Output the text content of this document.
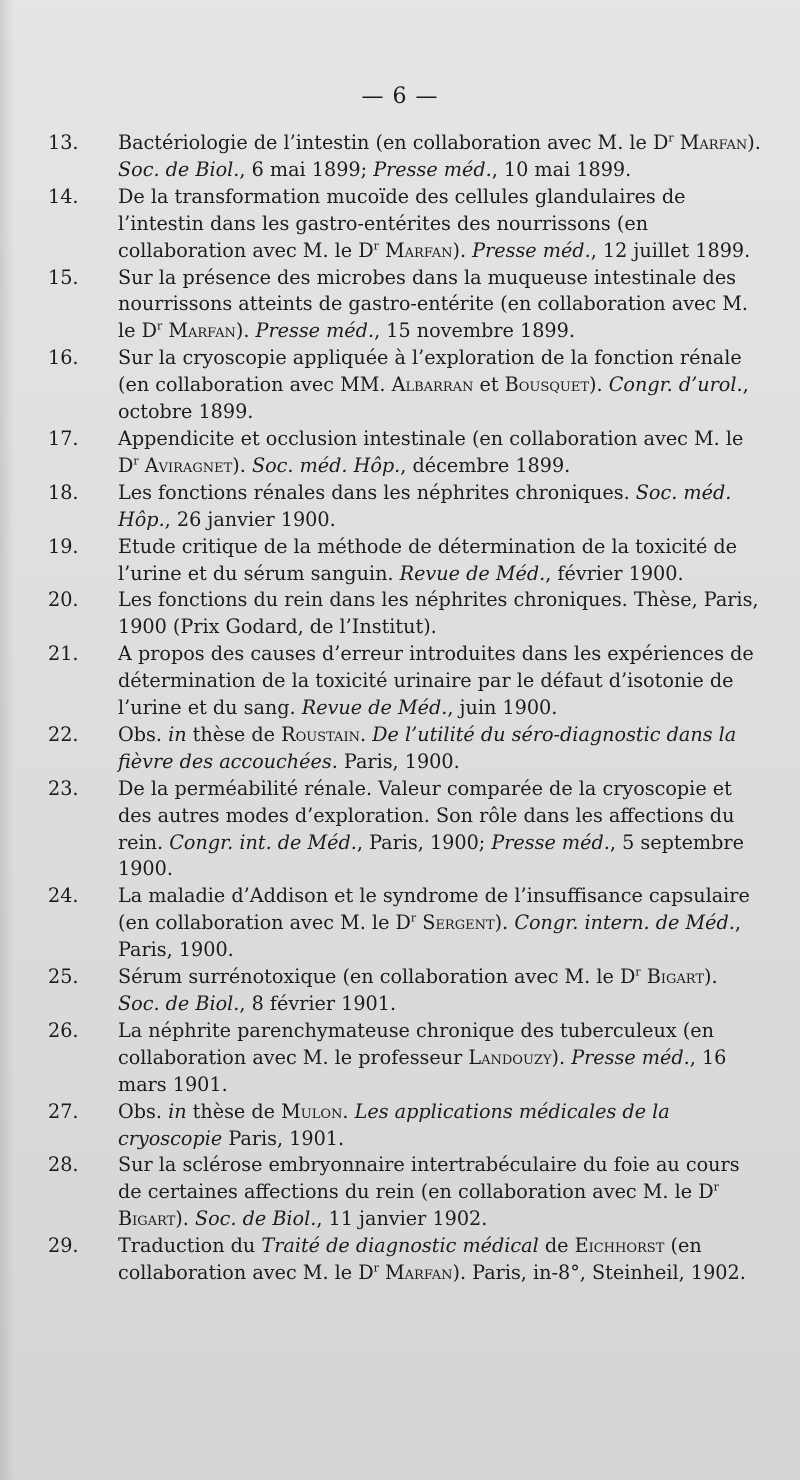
— 6 —
13.	Bactériologie de l’intestin (en collaboration avec M. le $D^r$ Marfan). Soc. de Biol., 6 mai 1899; Presse méd., 10 mai 1899.
14.	De la transformation mucoïde des cellules glandulaires de l’intestin dans les gastro-entérites des nourrissons (en collaboration avec M. le $D^r$ Marfan). Presse méd., 12 juillet 1899.
15.	Sur la présence des microbes dans la muqueuse intestinale des nourrissons atteints de gastro-entérite (en collaboration avec M. le $D^r$ Marfan). Presse méd., 15 novembre 1899.
16.	Sur la cryoscopie appliquée à l’exploration de la fonction rénale (en collaboration avec MM. Albarran et Bousquet). Congr. d’urol., octobre 1899.
17.	Appendicite et occlusion intestinale (en collaboration avec M. le $D^r$ Aviragnet). Soc. méd. Hôp., décembre 1899.
18.	Les fonctions rénales dans les néphrites chroniques. Soc. méd. Hôp., 26 janvier 1900.
19.	Etude critique de la méthode de détermination de la toxicité de l’urine et du sérum sanguin. Revue de Méd., février 1900.
20.	Les fonctions du rein dans les néphrites chroniques. Thèse, Paris, 1900 (Prix Godard, de l’Institut).
21.	A propos des causes d’erreur introduites dans les expériences de détermination de la toxicité urinaire par le défaut d’isotonie de l’urine et du sang. Revue de Méd., juin 1900.
22.	Obs. in thèse de Roustain. De l’utilité du séro-diagnostic dans la fièvre des accouchées. Paris, 1900.
23.	De la perméabilité rénale. Valeur comparée de la cryoscopie et des autres modes d’exploration. Son rôle dans les affections du rein. Congr. int. de Méd., Paris, 1900; Presse méd., 5 septembre 1900.
24.	La maladie d’Addison et le syndrome de l’insuffisance capsulaire (en collaboration avec M. le $D^r$ Sergent). Congr. intern. de Méd., Paris, 1900.
25.	Sérum surrénotoxique (en collaboration avec M. le $D^r$ Bigart). Soc. de Biol., 8 février 1901.
26.	La néphrite parenchymateuse chronique des tuberculeux (en collaboration avec M. le professeur Landouzy). Presse méd., 16 mars 1901.
27.	Obs. in thèse de Mulon. Les applications médicales de la cryoscopie Paris, 1901.
28.	Sur la sclérose embryonnaire intertrabéculaire du foie au cours de certaines affections du rein (en collaboration avec M. le $D^r$ Bigart). Soc. de Biol., 11 janvier 1902.
29.	Traduction du Traité de diagnostic médical de Eichhorst (en collaboration avec M. le $D^r$ Marfan). Paris, in-8°, Steinheil, 1902.
